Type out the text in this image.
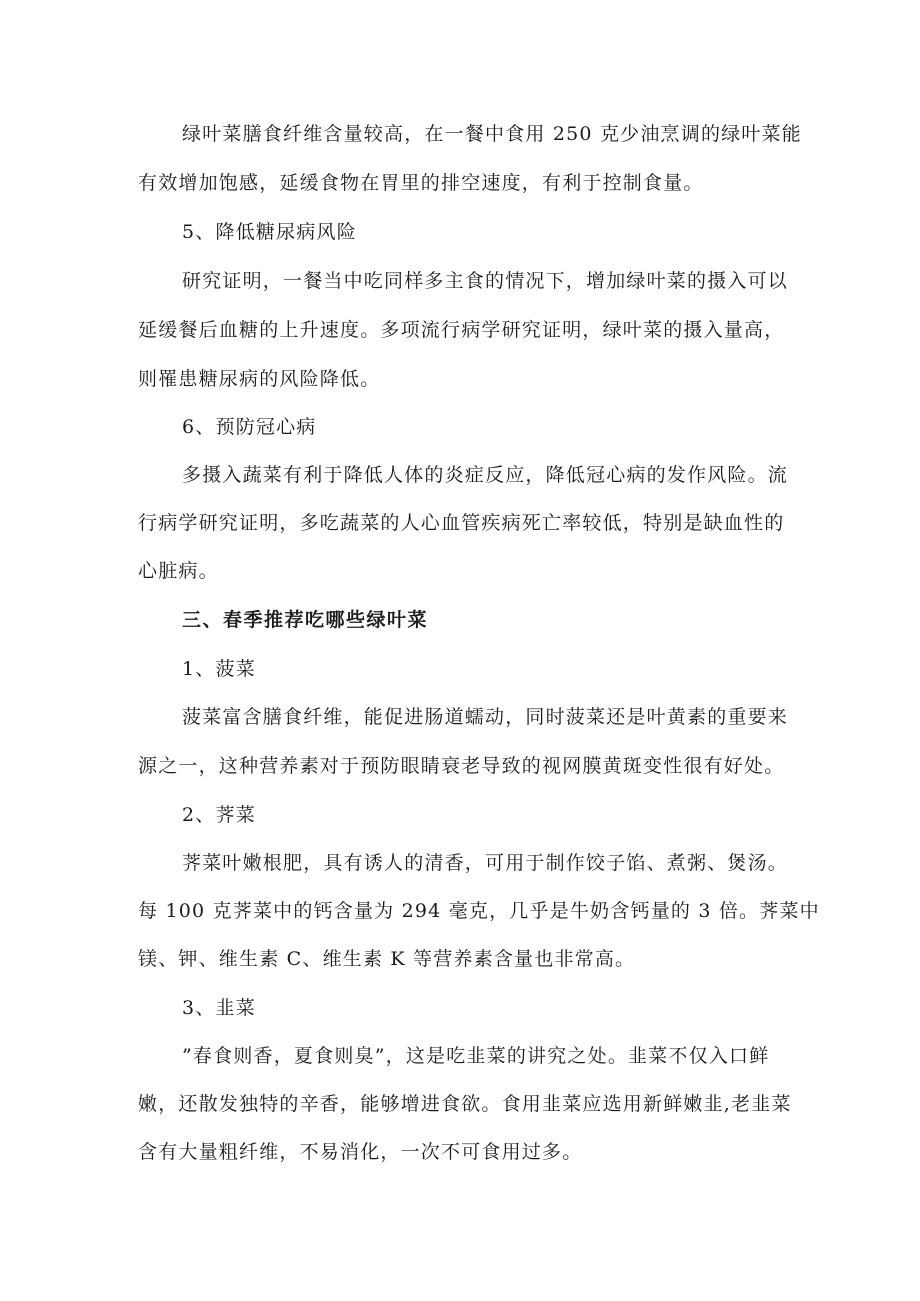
绿叶菜膳食纤维含量较高，在一餐中食用 250 克少油烹调的绿叶菜能
有效增加饱感，延缓食物在胃里的排空速度，有利于控制食量。
5、降低糖尿病风险
研究证明，一餐当中吃同样多主食的情况下，增加绿叶菜的摄入可以
延缓餐后血糖的上升速度。多项流行病学研究证明，绿叶菜的摄入量高，
则罹患糖尿病的风险降低。
6、预防冠心病
多摄入蔬菜有利于降低人体的炎症反应，降低冠心病的发作风险。流
行病学研究证明，多吃蔬菜的人心血管疾病死亡率较低，特别是缺血性的
心脏病。
三、春季推荐吃哪些绿叶菜
1、菠菜
菠菜富含膳食纤维，能促进肠道蠕动，同时菠菜还是叶黄素的重要来
源之一，这种营养素对于预防眼睛衰老导致的视网膜黄斑变性很有好处。
2、荠菜
荠菜叶嫩根肥，具有诱人的清香，可用于制作饺子馅、煮粥、煲汤。
每 100 克荠菜中的钙含量为 294 毫克，几乎是牛奶含钙量的 3 倍。荠菜中
镁、钾、维生素 C、维生素 K 等营养素含量也非常高。
3、韭菜
”春食则香，夏食则臭”，这是吃韭菜的讲究之处。韭菜不仅入口鲜
嫩，还散发独特的辛香，能够增进食欲。食用韭菜应选用新鲜嫩韭,老韭菜
含有大量粗纤维，不易消化，一次不可食用过多。
